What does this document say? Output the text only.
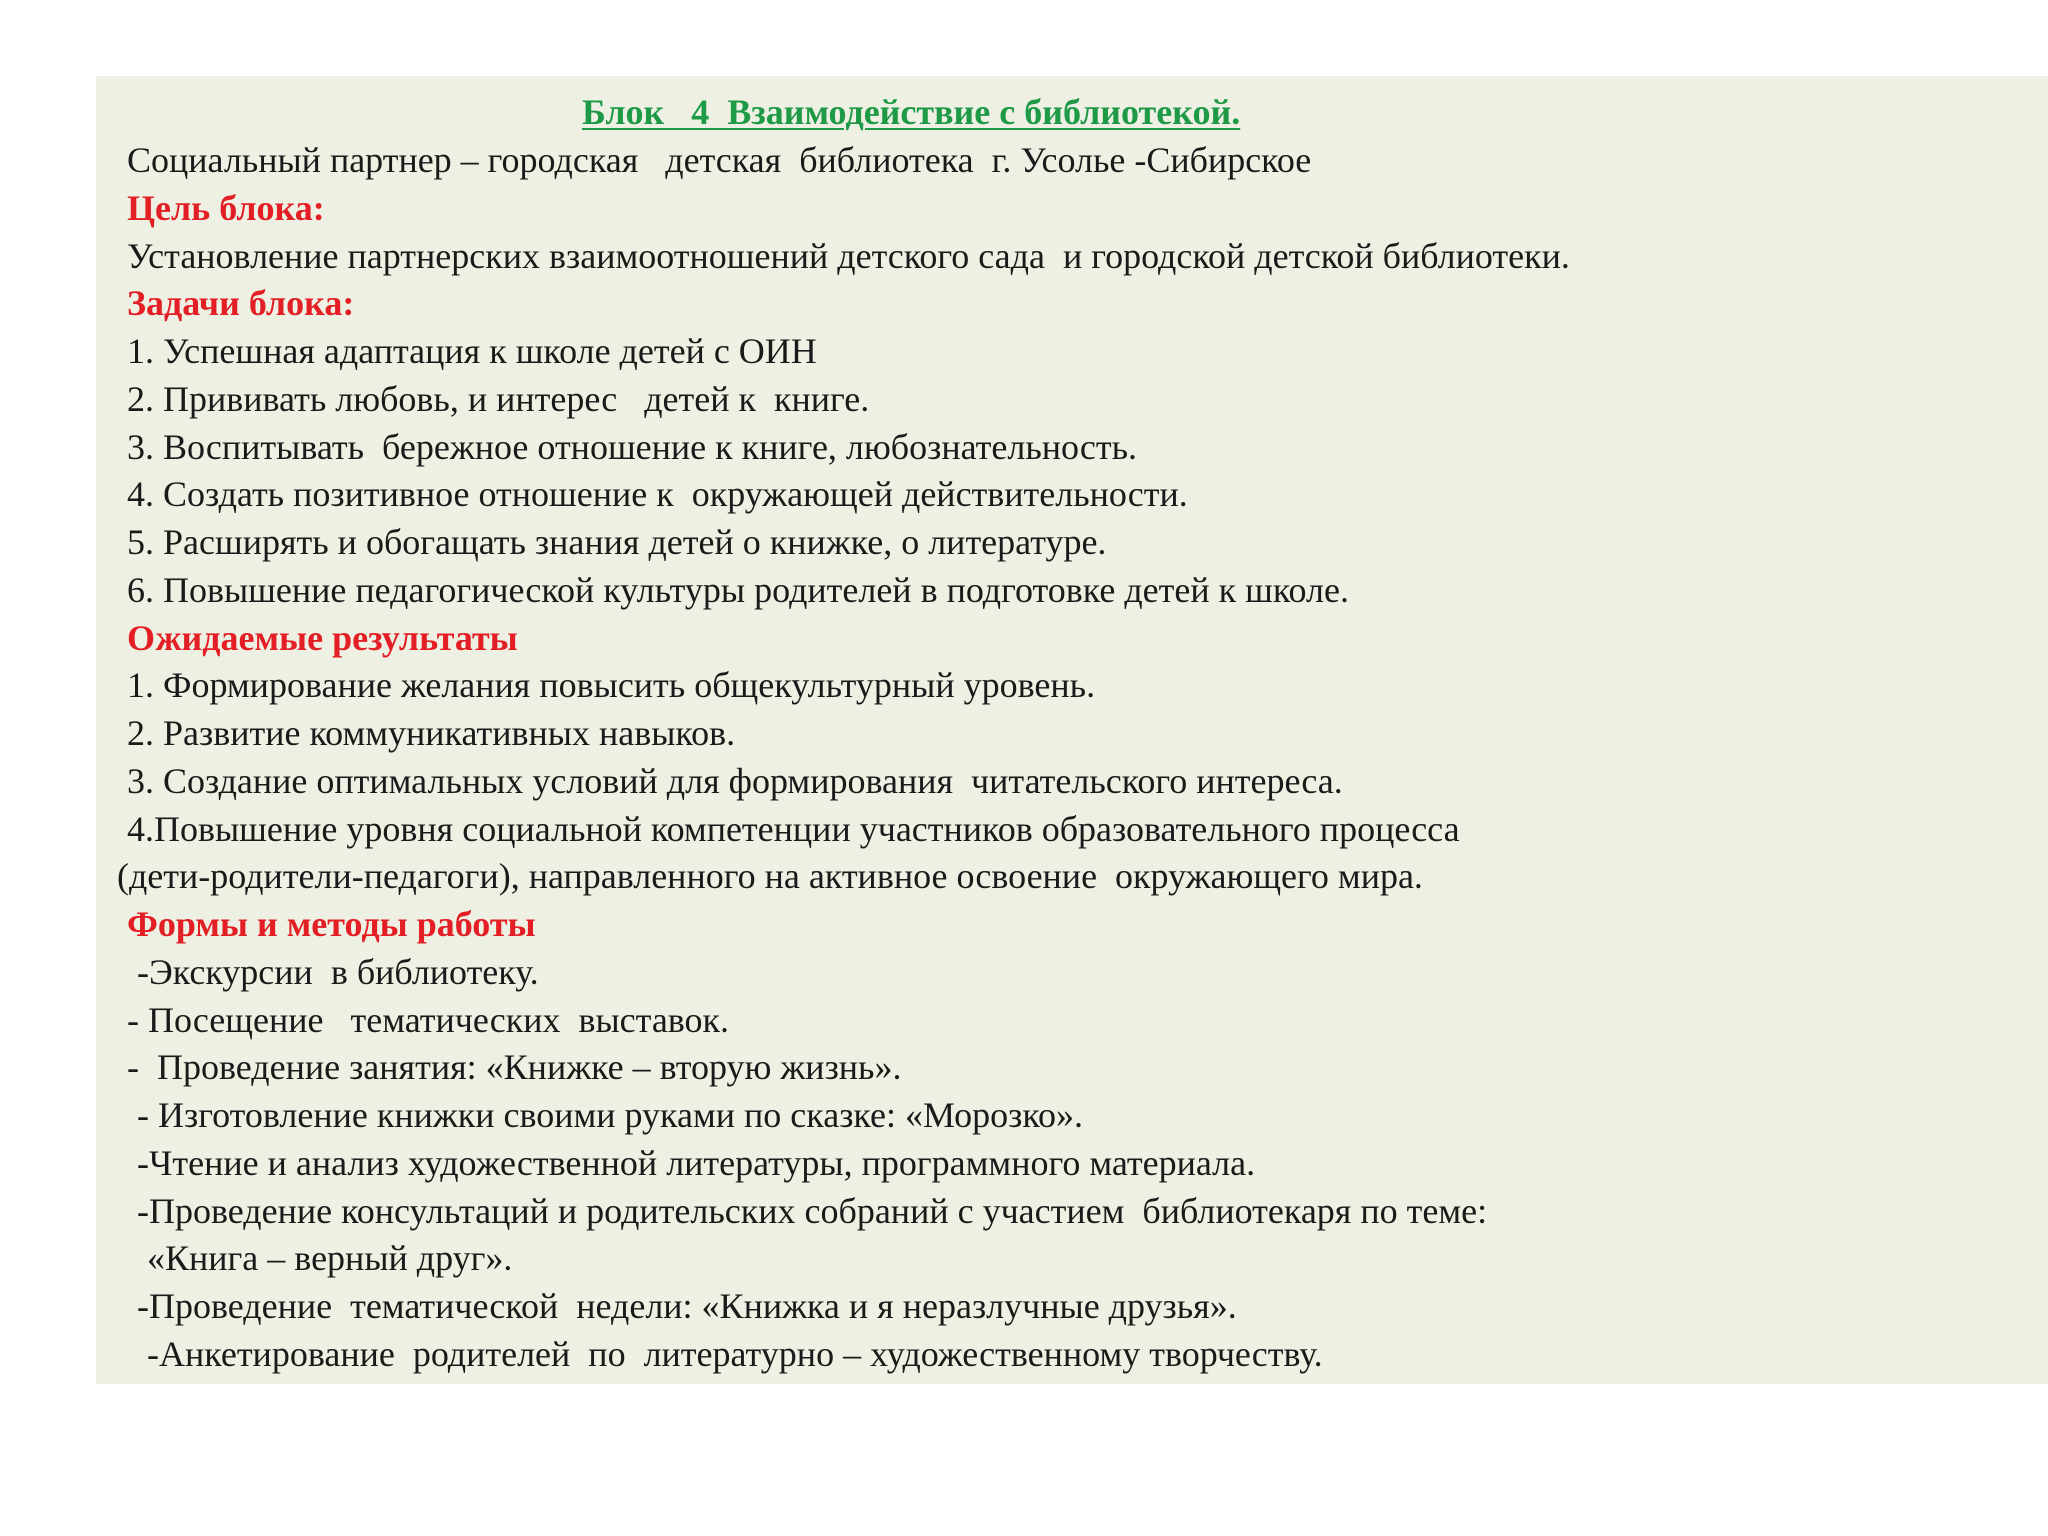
Блок   4  Взаимодействие с библиотекой.
Социальный партнер – городская   детская  библиотека  г. Усолье -Сибирское
Цель блока:
Установление партнерских взаимоотношений детского сада  и городской детской библиотеки.
Задачи блока:
1. Успешная адаптация к школе детей с ОИН
2. Прививать любовь, и интерес   детей к  книге.
3. Воспитывать  бережное отношение к книге, любознательность.
4. Создать позитивное отношение к  окружающей действительности.
5. Расширять и обогащать знания детей о книжке, о литературе.
6. Повышение педагогической культуры родителей в подготовке детей к школе.
Ожидаемые результаты
1. Формирование желания повысить общекультурный уровень.
2. Развитие коммуникативных навыков.
3. Создание оптимальных условий для формирования  читательского интереса.
4.Повышение уровня социальной компетенции участников образовательного процесса
(дети-родители-педагоги), направленного на активное освоение  окружающего мира.
Формы и методы работы
-Экскурсии  в библиотеку.
- Посещение   тематических  выставок.
-  Проведение занятия: «Книжке – вторую жизнь».
- Изготовление книжки своими руками по сказке: «Морозко».
-Чтение и анализ художественной литературы, программного материала.
-Проведение консультаций и родительских собраний с участием  библиотекаря по теме:
«Книга – верный друг».
-Проведение  тематической  недели: «Книжка и я неразлучные друзья».
-Анкетирование  родителей  по  литературно – художественному творчеству.
